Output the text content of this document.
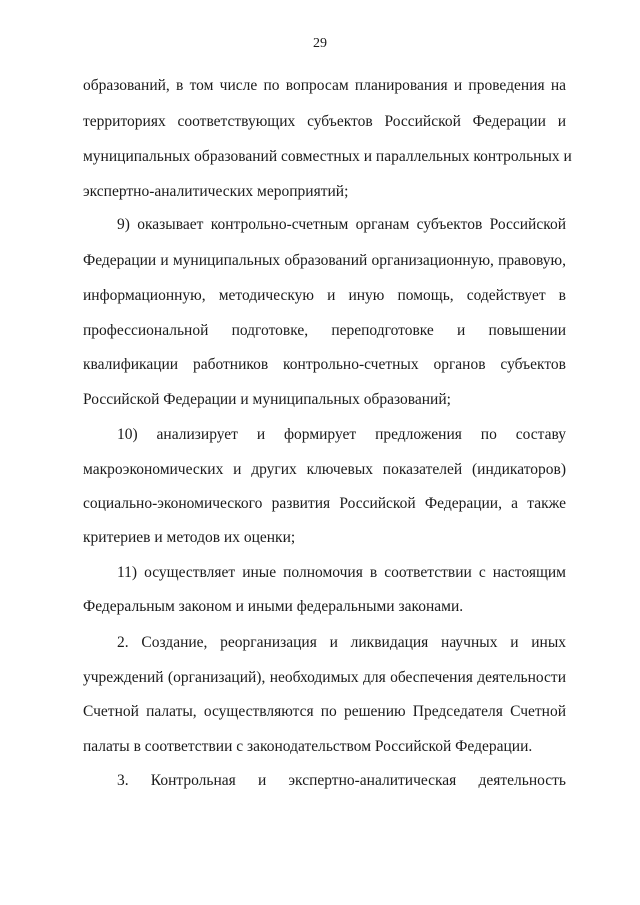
29
образований, в том числе по вопросам планирования и проведения на
территориях соответствующих субъектов Российской Федерации и
муниципальных образований совместных и параллельных контрольных и
экспертно-аналитических мероприятий;
9) оказывает контрольно-счетным органам субъектов Российской
Федерации и муниципальных образований организационную, правовую,
информационную, методическую и иную помощь, содействует в
профессиональной подготовке, переподготовке и повышении
квалификации работников контрольно-счетных органов субъектов
Российской Федерации и муниципальных образований;
10) анализирует и формирует предложения по составу
макроэкономических и других ключевых показателей (индикаторов)
социально-экономического развития Российской Федерации, а также
критериев и методов их оценки;
11) осуществляет иные полномочия в соответствии с настоящим
Федеральным законом и иными федеральными законами.
2. Создание, реорганизация и ликвидация научных и иных
учреждений (организаций), необходимых для обеспечения деятельности
Счетной палаты, осуществляются по решению Председателя Счетной
палаты в соответствии с законодательством Российской Федерации.
3. Контрольная и экспертно-аналитическая деятельность
